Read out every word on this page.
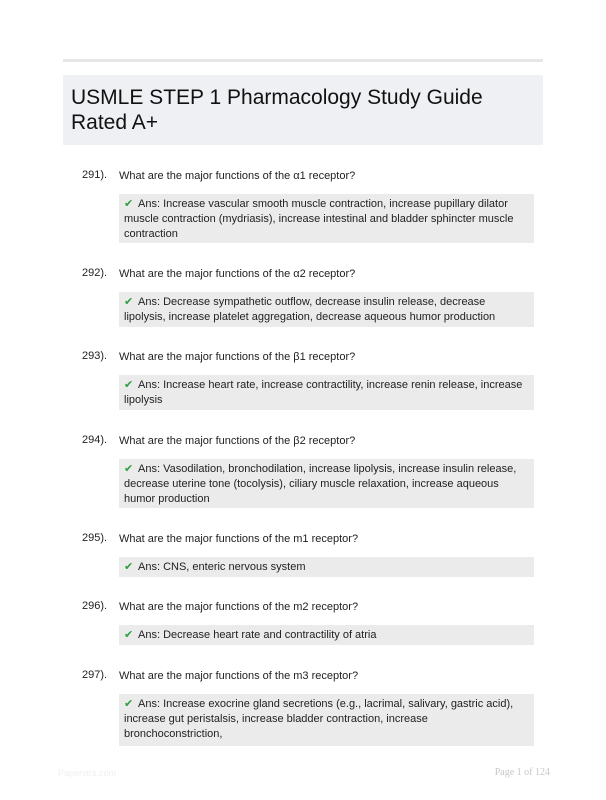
USMLE STEP 1 Pharmacology Study Guide Rated A+
291). What are the major functions of the α1 receptor?
✔ Ans: Increase vascular smooth muscle contraction, increase pupillary dilator muscle contraction (mydriasis), increase intestinal and bladder sphincter muscle contraction
292). What are the major functions of the α2 receptor?
✔ Ans: Decrease sympathetic outflow, decrease insulin release, decrease lipolysis, increase platelet aggregation, decrease aqueous humor production
293). What are the major functions of the β1 receptor?
✔ Ans: Increase heart rate, increase contractility, increase renin release, increase lipolysis
294). What are the major functions of the β2 receptor?
✔ Ans: Vasodilation, bronchodilation, increase lipolysis, increase insulin release, decrease uterine tone (tocolysis), ciliary muscle relaxation, increase aqueous humor production
295). What are the major functions of the m1 receptor?
✔ Ans: CNS, enteric nervous system
296). What are the major functions of the m2 receptor?
✔ Ans: Decrease heart rate and contractility of atria
297). What are the major functions of the m3 receptor?
✔ Ans: Increase exocrine gland secretions (e.g., lacrimal, salivary, gastric acid), increase gut peristalsis, increase bladder contraction, increase bronchoconstriction,
Paperstrs.com	Page 1 of 124
